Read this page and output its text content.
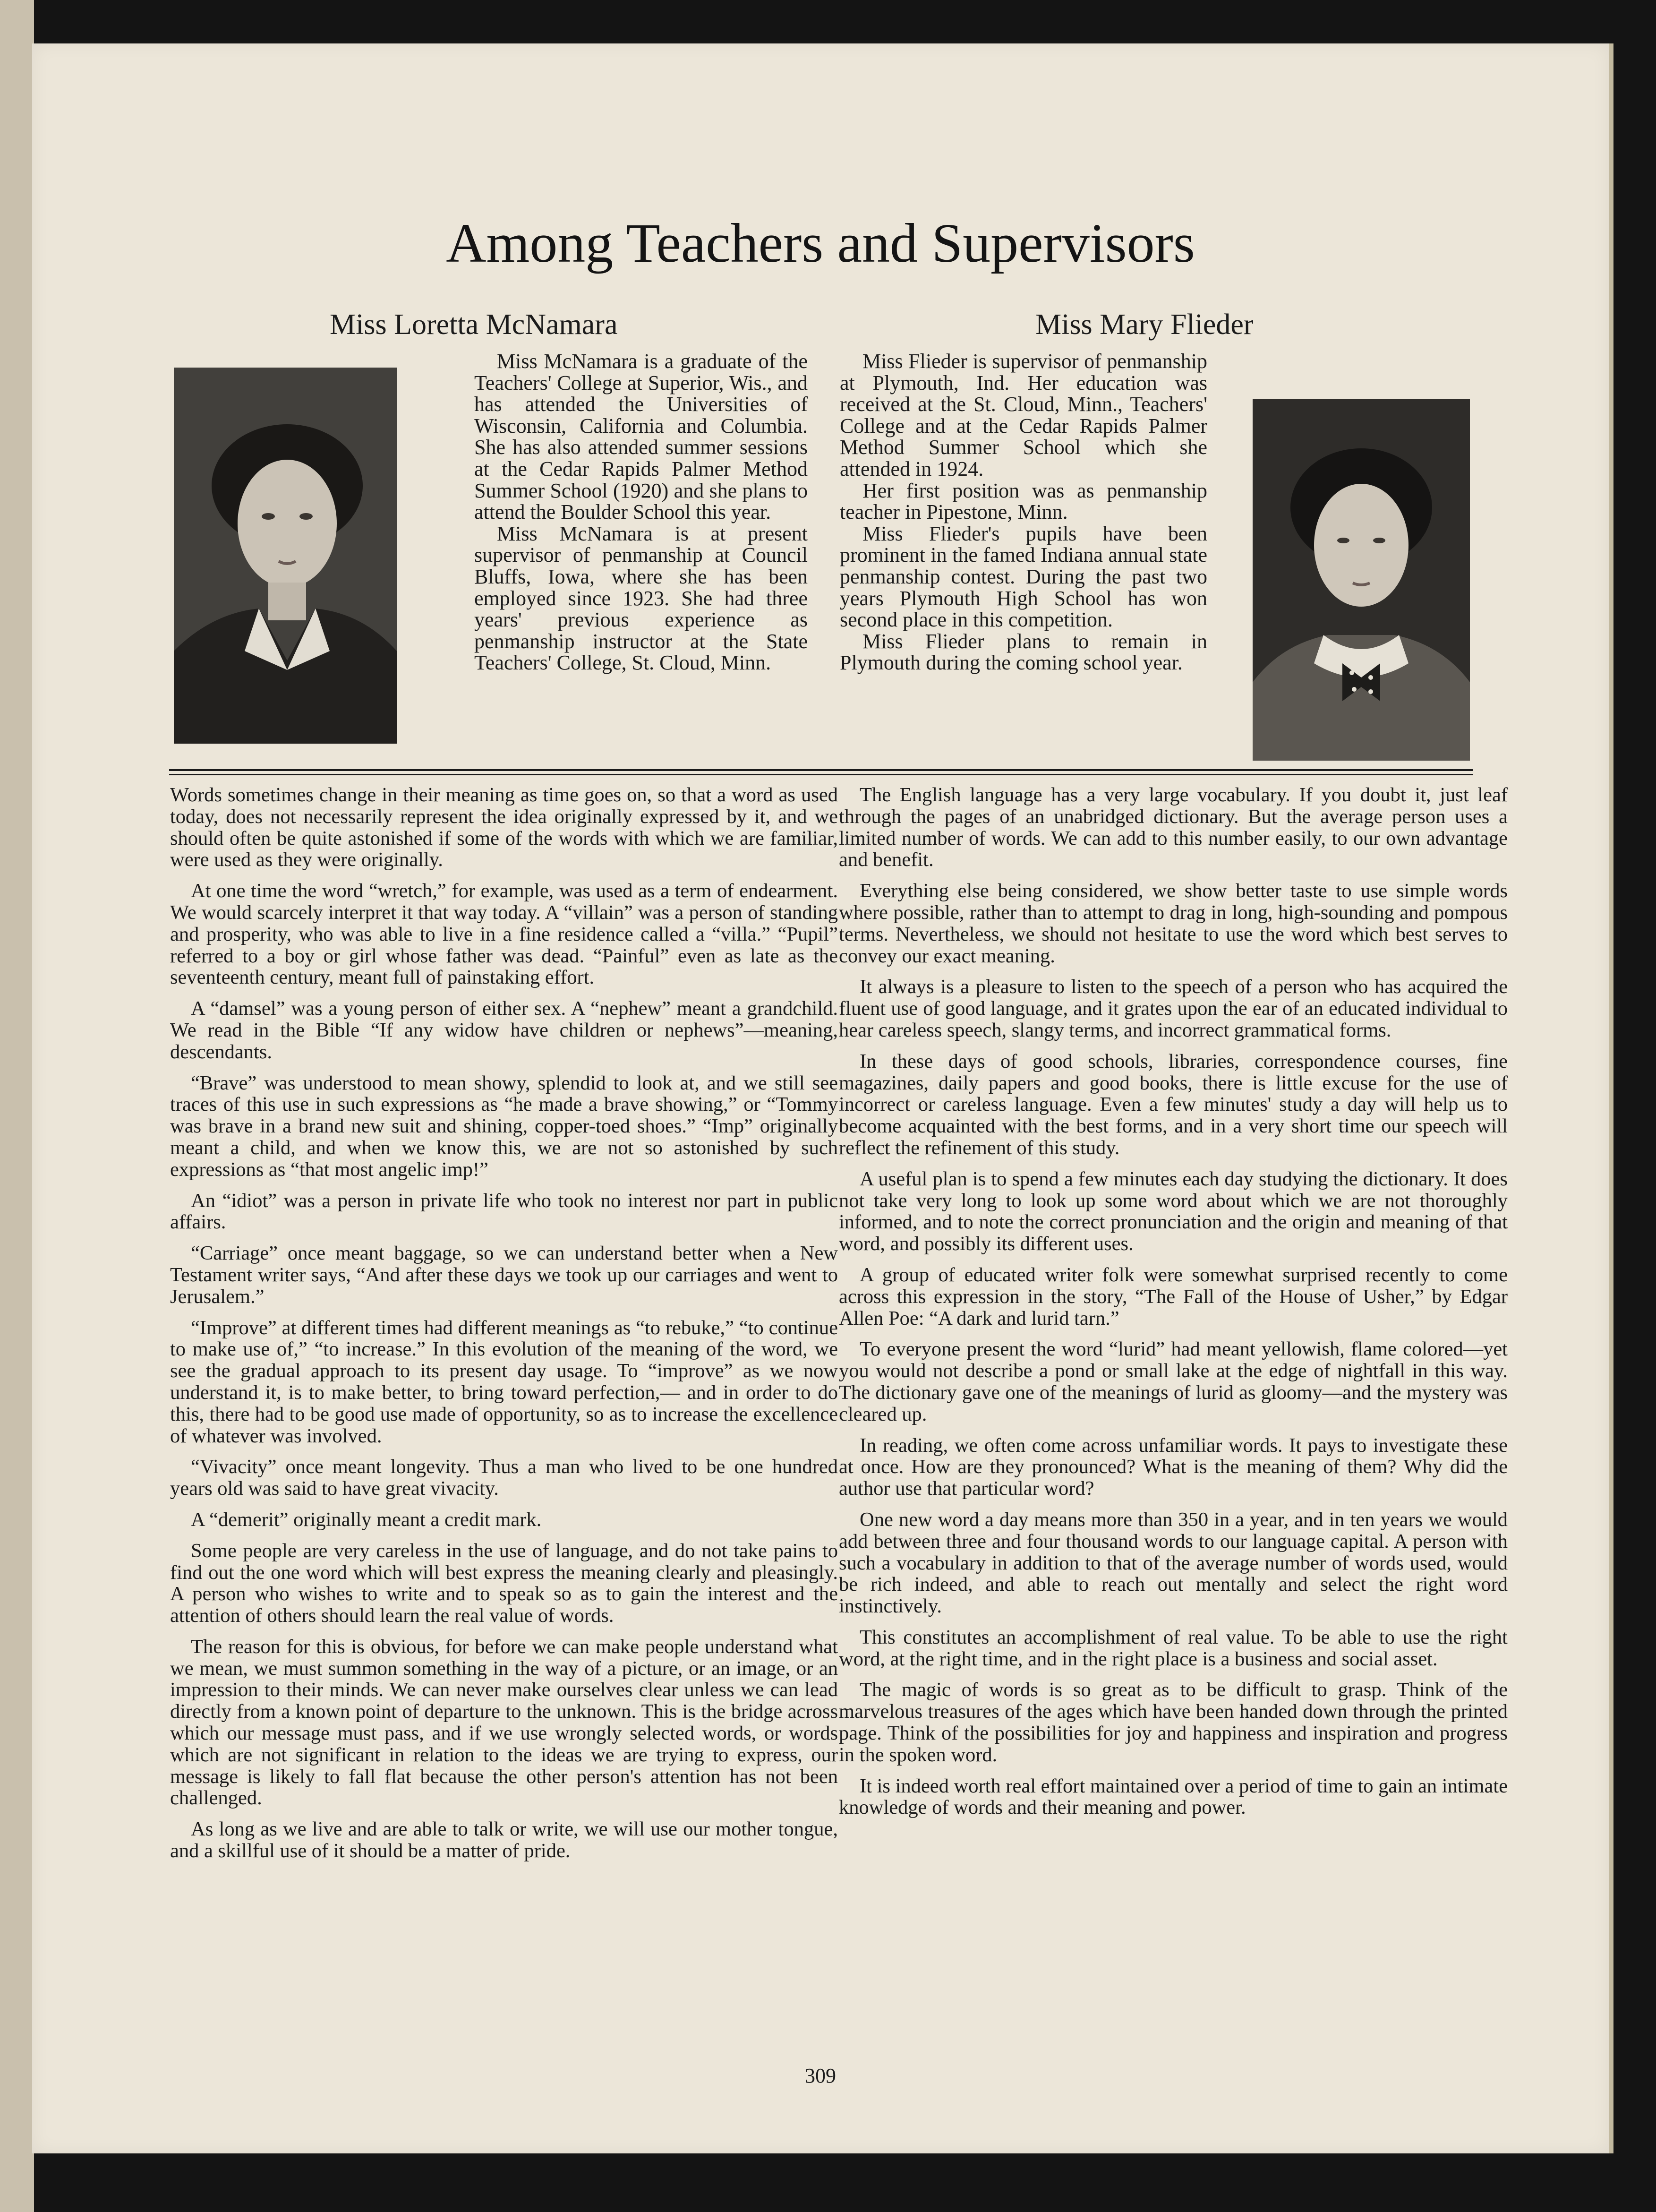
Among Teachers and Supervisors
Miss Loretta McNamara

Miss McNamara is a graduate of the Teachers' College at Superior, Wis., and has attended the Universities of Wisconsin, California and Columbia. She has also attended summer sessions at the Cedar Rapids Palmer Method Summer School (1920) and she plans to attend the Boulder School this year.

Miss McNamara is at present supervisor of penmanship at Council Bluffs, Iowa, where she has been employed since 1923. She had three years' previous experience as penmanship instructor at the State Teachers' College, St. Cloud, Minn.

Miss Mary Flieder

Miss Flieder is supervisor of penmanship at Plymouth, Ind. Her education was received at the St. Cloud, Minn., Teachers' College and at the Cedar Rapids Palmer Method Summer School which she attended in 1924.

Her first position was as penmanship teacher in Pipestone, Minn.

Miss Flieder's pupils have been prominent in the famed Indiana annual state penmanship contest. During the past two years Plymouth High School has won second place in this competition.

Miss Flieder plans to remain in Plymouth during the coming school year.

Words sometimes change in their meaning as time goes on, so that a word as used today, does not necessarily represent the idea originally expressed by it, and we should often be quite astonished if some of the words with which we are familiar, were used as they were originally.

At one time the word “wretch,” for example, was used as a term of endearment. We would scarcely interpret it that way today. A “villain” was a person of standing and prosperity, who was able to live in a fine residence called a “villa.” “Pupil” referred to a boy or girl whose father was dead. “Painful” even as late as the seventeenth century, meant full of painstaking effort.

A “damsel” was a young person of either sex. A “nephew” meant a grandchild. We read in the Bible “If any widow have children or nephews”—meaning, descendants.

“Brave” was understood to mean showy, splendid to look at, and we still see traces of this use in such expressions as “he made a brave showing,” or “Tommy was brave in a brand new suit and shining, copper-toed shoes.” “Imp” originally meant a child, and when we know this, we are not so astonished by such expressions as “that most angelic imp!”

An “idiot” was a person in private life who took no interest nor part in public affairs.

“Carriage” once meant baggage, so we can understand better when a New Testament writer says, “And after these days we took up our carriages and went to Jerusalem.”

“Improve” at different times had different meanings as “to rebuke,” “to continue to make use of,” “to increase.” In this evolution of the meaning of the word, we see the gradual approach to its present day usage. To “improve” as we now understand it, is to make better, to bring toward perfection,— and in order to do this, there had to be good use made of opportunity, so as to increase the excellence of whatever was involved.

“Vivacity” once meant longevity. Thus a man who lived to be one hundred years old was said to have great vivacity.

A “demerit” originally meant a credit mark.

Some people are very careless in the use of language, and do not take pains to find out the one word which will best express the meaning clearly and pleasingly. A person who wishes to write and to speak so as to gain the interest and the attention of others should learn the real value of words.

The reason for this is obvious, for before we can make people understand what we mean, we must summon something in the way of a picture, or an image, or an impression to their minds. We can never make ourselves clear unless we can lead directly from a known point of departure to the unknown. This is the bridge across which our message must pass, and if we use wrongly selected words, or words which are not significant in relation to the ideas we are trying to express, our message is likely to fall flat because the other person's attention has not been challenged.

As long as we live and are able to talk or write, we will use our mother tongue, and a skillful use of it should be a matter of pride.

The English language has a very large vocabulary. If you doubt it, just leaf through the pages of an unabridged dictionary. But the average person uses a limited number of words. We can add to this number easily, to our own advantage and benefit.

Everything else being considered, we show better taste to use simple words where possible, rather than to attempt to drag in long, high-sounding and pompous terms. Nevertheless, we should not hesitate to use the word which best serves to convey our exact meaning.

It always is a pleasure to listen to the speech of a person who has acquired the fluent use of good language, and it grates upon the ear of an educated individual to hear careless speech, slangy terms, and incorrect grammatical forms.

In these days of good schools, libraries, correspondence courses, fine magazines, daily papers and good books, there is little excuse for the use of incorrect or careless language. Even a few minutes' study a day will help us to become acquainted with the best forms, and in a very short time our speech will reflect the refinement of this study.

A useful plan is to spend a few minutes each day studying the dictionary. It does not take very long to look up some word about which we are not thoroughly informed, and to note the correct pronunciation and the origin and meaning of that word, and possibly its different uses.

A group of educated writer folk were somewhat surprised recently to come across this expression in the story, “The Fall of the House of Usher,” by Edgar Allen Poe: “A dark and lurid tarn.”

To everyone present the word “lurid” had meant yellowish, flame colored—yet you would not describe a pond or small lake at the edge of nightfall in this way. The dictionary gave one of the meanings of lurid as gloomy—and the mystery was cleared up.

In reading, we often come across unfamiliar words. It pays to investigate these at once. How are they pronounced? What is the meaning of them? Why did the author use that particular word?

One new word a day means more than 350 in a year, and in ten years we would add between three and four thousand words to our language capital. A person with such a vocabulary in addition to that of the average number of words used, would be rich indeed, and able to reach out mentally and select the right word instinctively.

This constitutes an accomplishment of real value. To be able to use the right word, at the right time, and in the right place is a business and social asset.

The magic of words is so great as to be difficult to grasp. Think of the marvelous treasures of the ages which have been handed down through the printed page. Think of the possibilities for joy and happiness and inspiration and progress in the spoken word.

It is indeed worth real effort maintained over a period of time to gain an intimate knowledge of words and their meaning and power.

309
